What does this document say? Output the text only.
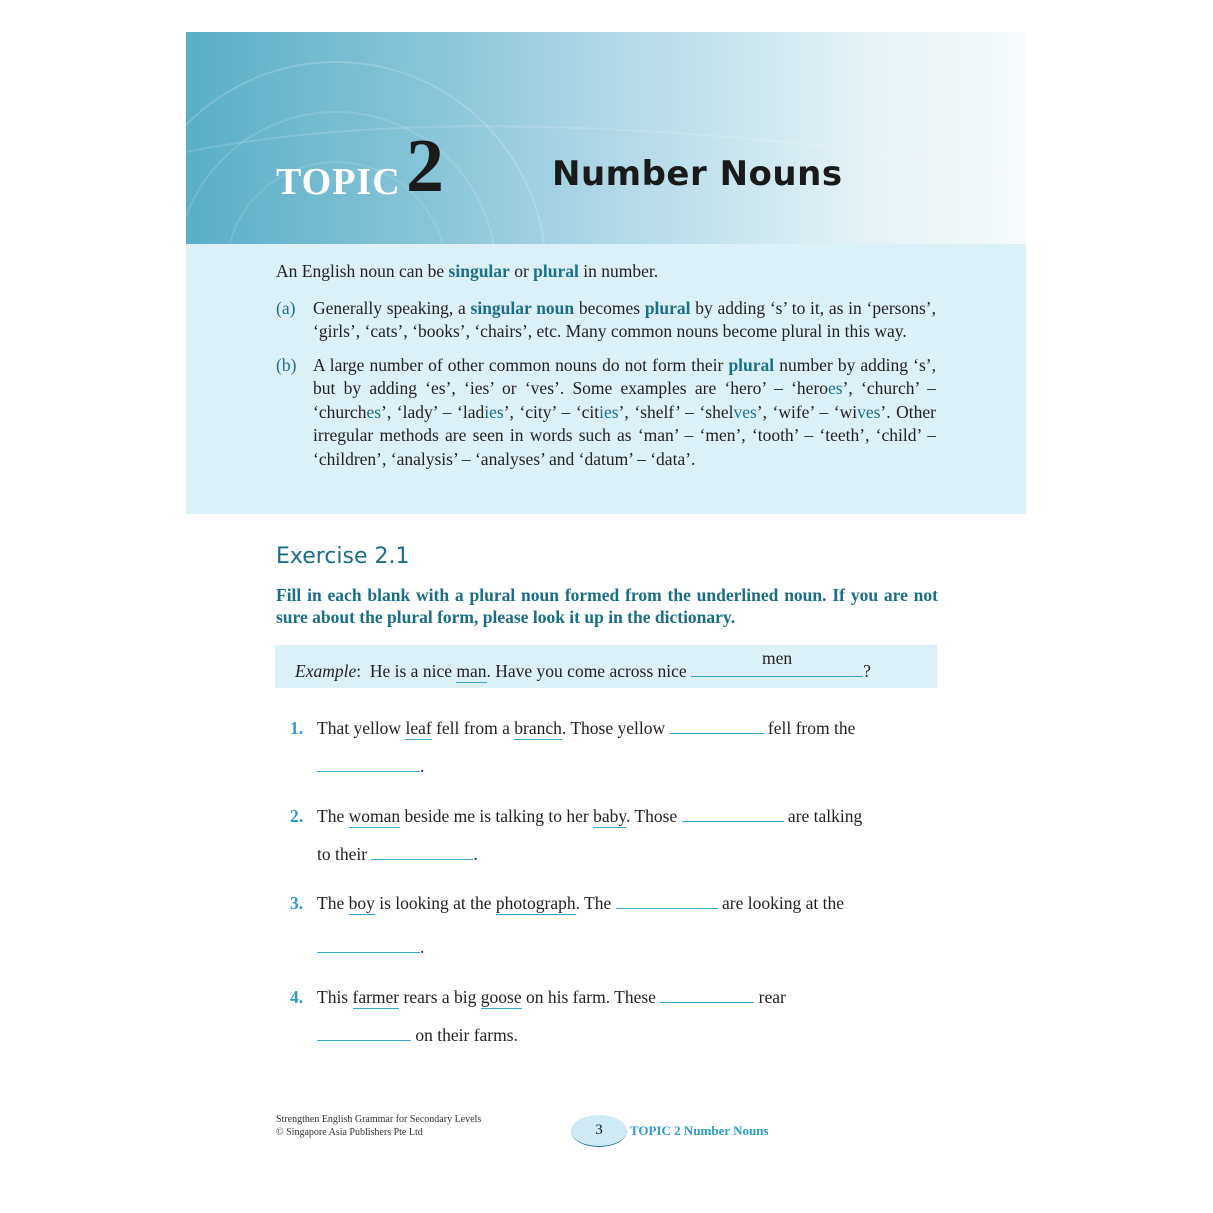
TOPIC 2	Number Nouns

An English noun can be singular or plural in number.

(a) Generally speaking, a singular noun becomes plural by adding ‘s’ to it, as in ‘persons’, ‘girls’, ‘cats’, ‘books’, ‘chairs’, etc. Many common nouns become plural in this way.
(b) A large number of other common nouns do not form their plural number by adding ‘s’, but by adding ‘es’, ‘ies’ or ‘ves’. Some examples are ‘hero’ – ‘heroes’, ‘church’ – ‘churches’, ‘lady’ – ‘ladies’, ‘city’ – ‘cities’, ‘shelf’ – ‘shelves’, ‘wife’ – ‘wives’. Other irregular methods are seen in words such as ‘man’ – ‘men’, ‘tooth’ – ‘teeth’, ‘child’ – ‘children’, ‘analysis’ – ‘analyses’ and ‘datum’ – ‘data’.
Exercise 2.1
Fill in each blank with a plural noun formed from the underlined noun. If you are not sure about the plural form, please look it up in the dictionary.
Example: He is a nice man. Have you come across nice
men
?
1. That yellow leaf fell from a branch. Those yellow	fell from the
.
2. The woman beside me is talking to her baby. Those	are talking
to their	.
3. The boy is looking at the photograph. The	are looking at the
.
4. This farmer rears a big goose on his farm. These	rear
on their farms.
Strengthen English Grammar for Secondary Levels
© Singapore Asia Publishers Pte Ltd	3	TOPIC 2 Number Nouns
